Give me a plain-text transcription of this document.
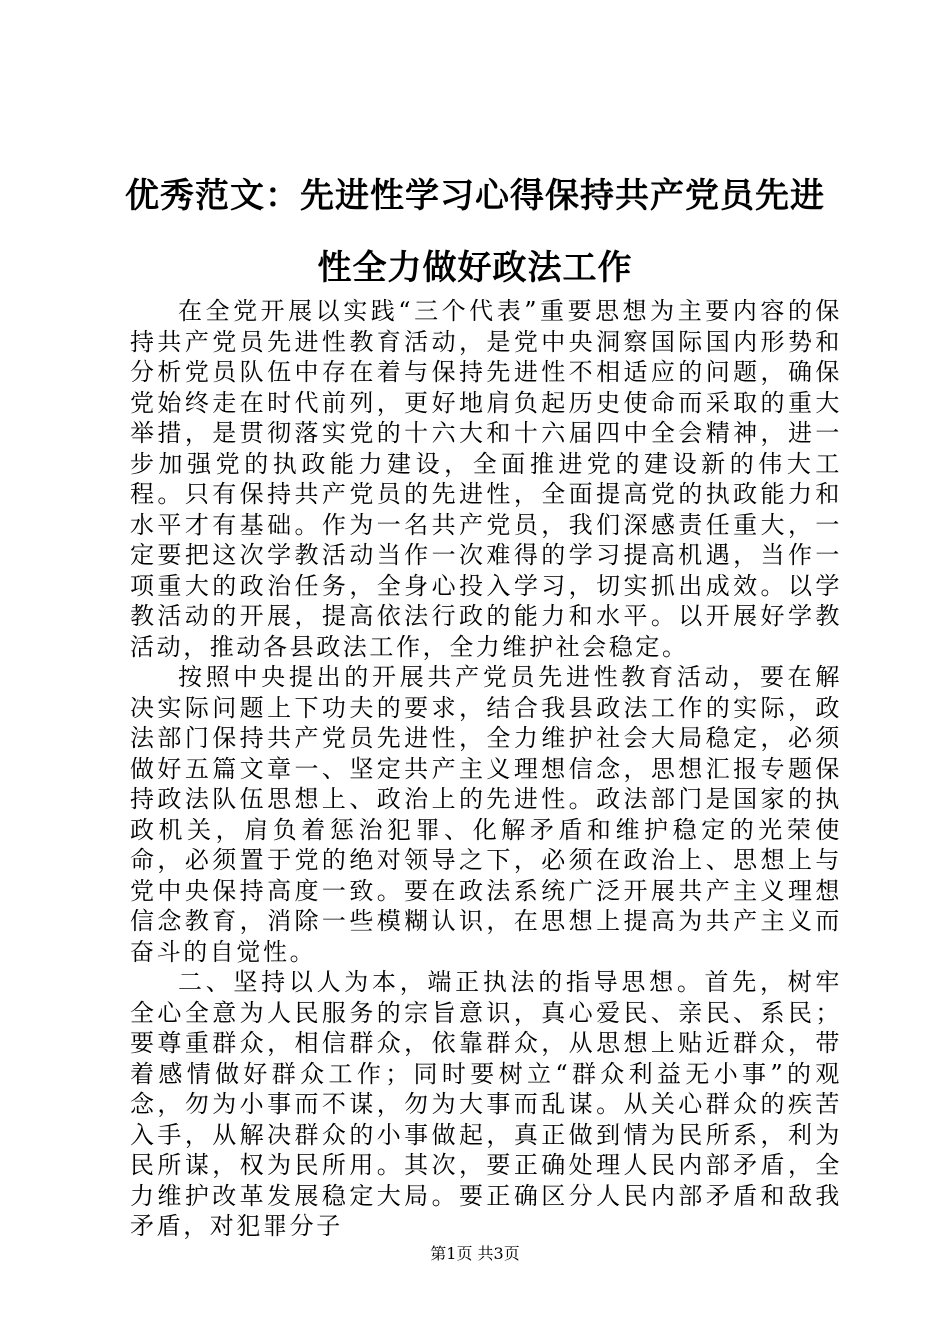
优秀范文：先进性学习心得保持共产党员先进性全力做好政法工作

在全党开展以实践“三个代表”重要思想为主要内容的保持共产党员先进性教育活动，是党中央洞察国际国内形势和分析党员队伍中存在着与保持先进性不相适应的问题，确保党始终走在时代前列，更好地肩负起历史使命而采取的重大举措，是贯彻落实党的十六大和十六届四中全会精神，进一步加强党的执政能力建设，全面推进党的建设新的伟大工程。只有保持共产党员的先进性，全面提高党的执政能力和水平才有基础。作为一名共产党员，我们深感责任重大，一定要把这次学教活动当作一次难得的学习提高机遇，当作一项重大的政治任务，全身心投入学习，切实抓出成效。以学教活动的开展，提高依法行政的能力和水平。以开展好学教活动，推动各县政法工作，全力维护社会稳定。

按照中央提出的开展共产党员先进性教育活动，要在解决实际问题上下功夫的要求，结合我县政法工作的实际，政法部门保持共产党员先进性，全力维护社会大局稳定，必须做好五篇文章一、坚定共产主义理想信念，思想汇报专题保持政法队伍思想上、政治上的先进性。政法部门是国家的执政机关，肩负着惩治犯罪、化解矛盾和维护稳定的光荣使命，必须置于党的绝对领导之下，必须在政治上、思想上与党中央保持高度一致。要在政法系统广泛开展共产主义理想信念教育，消除一些模糊认识，在思想上提高为共产主义而奋斗的自觉性。

二、坚持以人为本，端正执法的指导思想。首先，树牢全心全意为人民服务的宗旨意识，真心爱民、亲民、系民；要尊重群众，相信群众，依靠群众，从思想上贴近群众，带着感情做好群众工作；同时要树立“群众利益无小事”的观念，勿为小事而不谋，勿为大事而乱谋。从关心群众的疾苦入手，从解决群众的小事做起，真正做到情为民所系，利为民所谋，权为民所用。其次，要正确处理人民内部矛盾，全力维护改革发展稳定大局。要正确区分人民内部矛盾和敌我矛盾，对犯罪分子

第1页 共3页
